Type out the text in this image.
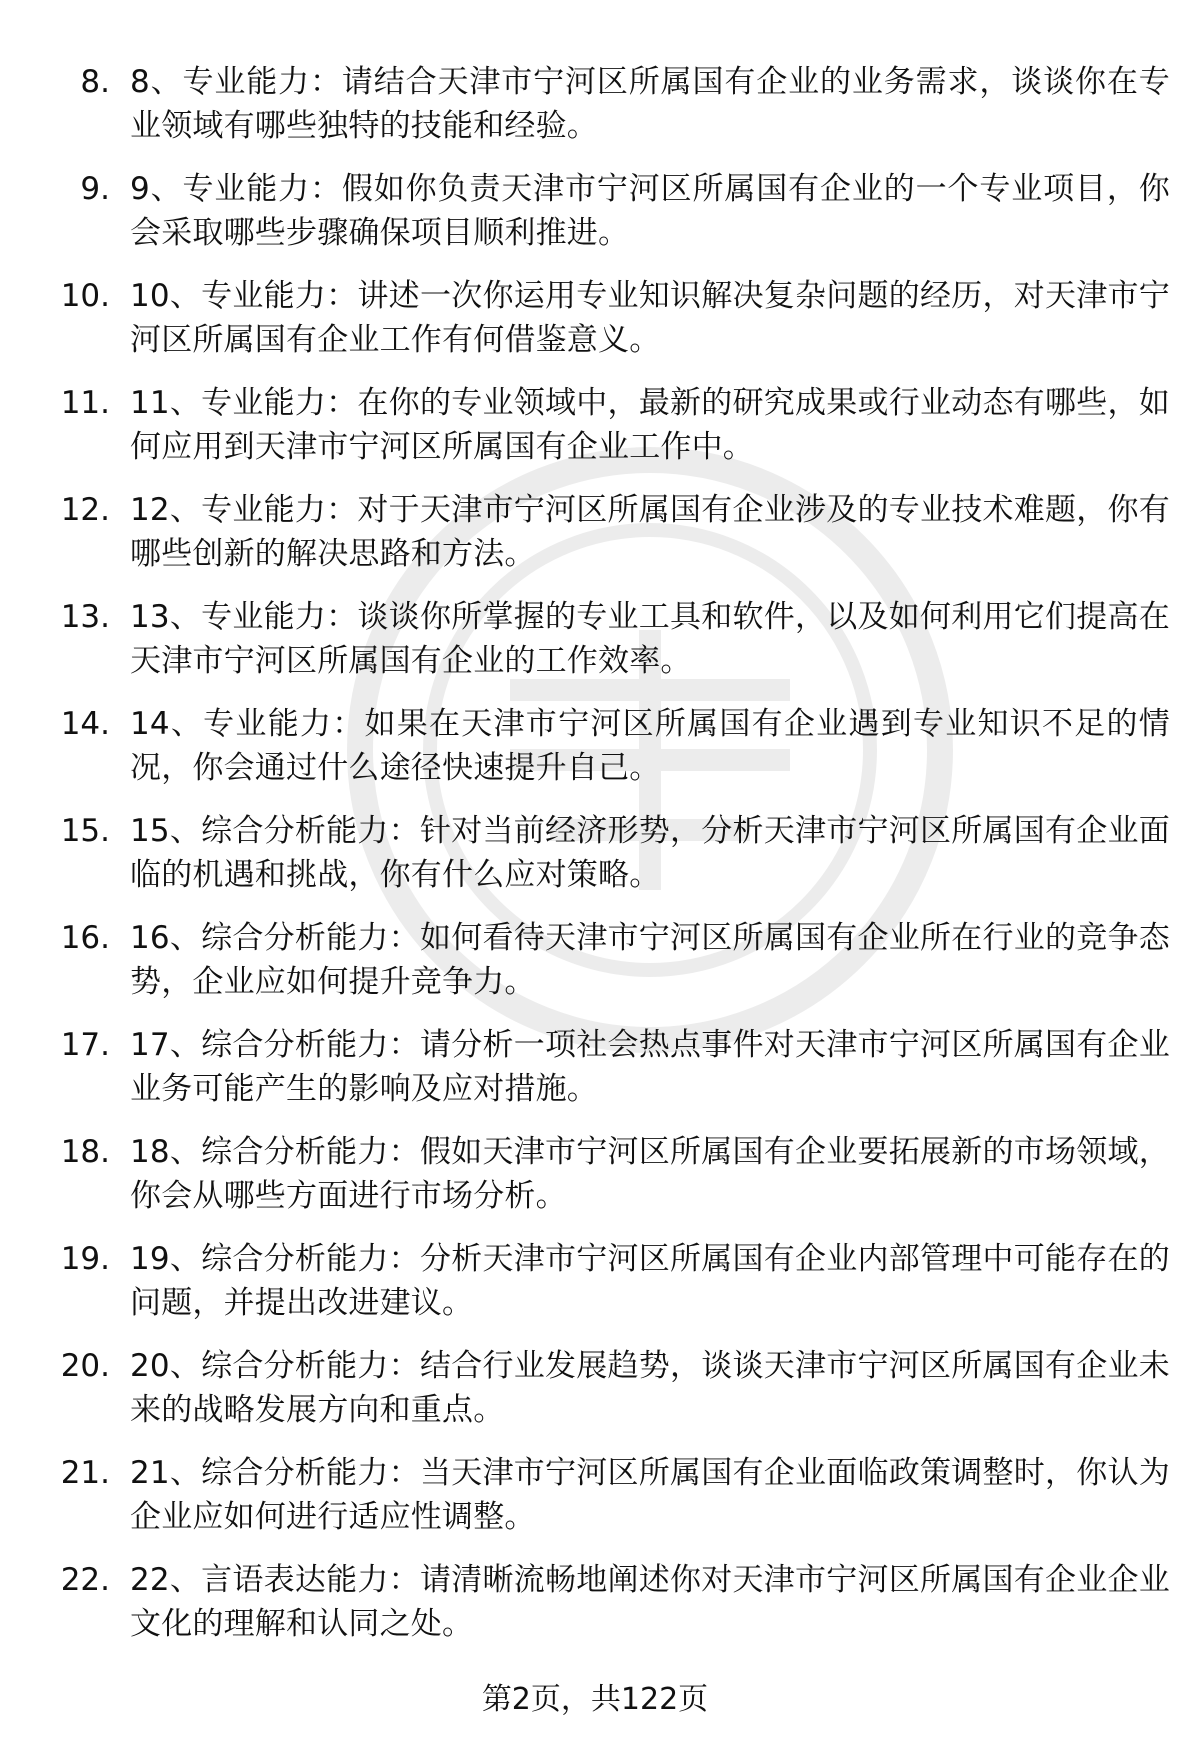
8. 8、专业能力：请结合天津市宁河区所属国有企业的业务需求，谈谈你在专业领域有哪些独特的技能和经验。
9. 9、专业能力：假如你负责天津市宁河区所属国有企业的一个专业项目，你会采取哪些步骤确保项目顺利推进。
10. 10、专业能力：讲述一次你运用专业知识解决复杂问题的经历，对天津市宁河区所属国有企业工作有何借鉴意义。
11. 11、专业能力：在你的专业领域中，最新的研究成果或行业动态有哪些，如何应用到天津市宁河区所属国有企业工作中。
12. 12、专业能力：对于天津市宁河区所属国有企业涉及的专业技术难题，你有哪些创新的解决思路和方法。
13. 13、专业能力：谈谈你所掌握的专业工具和软件，以及如何利用它们提高在天津市宁河区所属国有企业的工作效率。
14. 14、专业能力：如果在天津市宁河区所属国有企业遇到专业知识不足的情况，你会通过什么途径快速提升自己。
15. 15、综合分析能力：针对当前经济形势，分析天津市宁河区所属国有企业面临的机遇和挑战，你有什么应对策略。
16. 16、综合分析能力：如何看待天津市宁河区所属国有企业所在行业的竞争态势，企业应如何提升竞争力。
17. 17、综合分析能力：请分析一项社会热点事件对天津市宁河区所属国有企业业务可能产生的影响及应对措施。
18. 18、综合分析能力：假如天津市宁河区所属国有企业要拓展新的市场领域，你会从哪些方面进行市场分析。
19. 19、综合分析能力：分析天津市宁河区所属国有企业内部管理中可能存在的问题，并提出改进建议。
20. 20、综合分析能力：结合行业发展趋势，谈谈天津市宁河区所属国有企业未来的战略发展方向和重点。
21. 21、综合分析能力：当天津市宁河区所属国有企业面临政策调整时，你认为企业应如何进行适应性调整。
22. 22、言语表达能力：请清晰流畅地阐述你对天津市宁河区所属国有企业企业文化的理解和认同之处。
第2页，共122页
